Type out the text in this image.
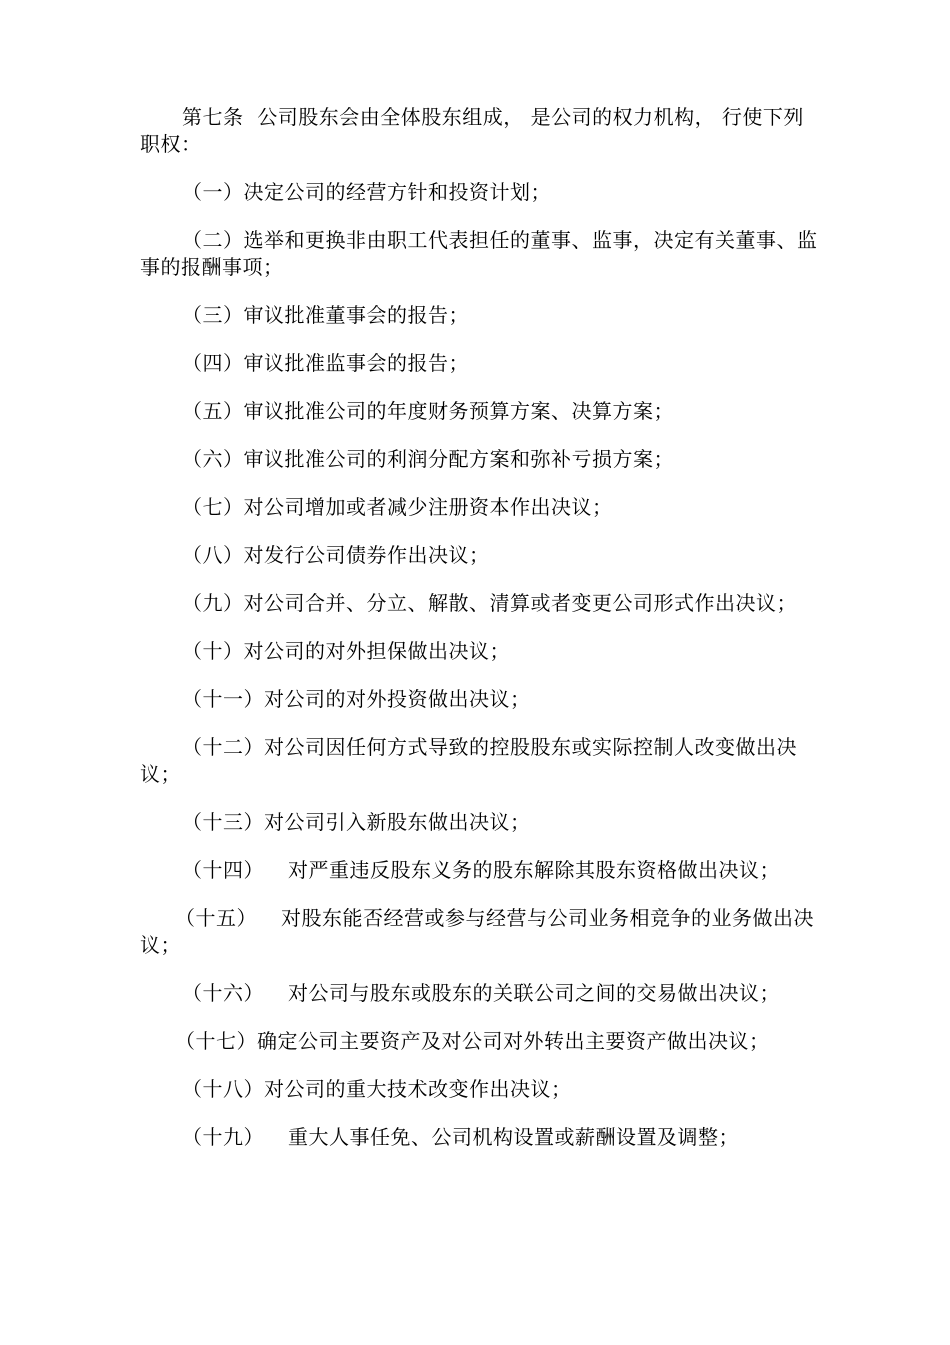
第七条 公司股东会由全体股东组成， 是公司的权力机构， 行使下列职权：

（一）决定公司的经营方针和投资计划；

（二）选举和更换非由职工代表担任的董事、监事，决定有关董事、监事的报酬事项；

（三）审议批准董事会的报告；

（四）审议批准监事会的报告；

（五）审议批准公司的年度财务预算方案、决算方案；

（六）审议批准公司的利润分配方案和弥补亏损方案；

（七）对公司增加或者减少注册资本作出决议；

（八）对发行公司债券作出决议；

（九）对公司合并、分立、解散、清算或者变更公司形式作出决议；

（十）对公司的对外担保做出决议；

（十一）对公司的对外投资做出决议；

（十二）对公司因任何方式导致的控股股东或实际控制人改变做出决议；

（十三）对公司引入新股东做出决议；

（十四） 对严重违反股东义务的股东解除其股东资格做出决议；

（十五） 对股东能否经营或参与经营与公司业务相竞争的业务做出决议；

（十六） 对公司与股东或股东的关联公司之间的交易做出决议；

（十七）确定公司主要资产及对公司对外转出主要资产做出决议；

（十八）对公司的重大技术改变作出决议；

（十九） 重大人事任免、公司机构设置或薪酬设置及调整；
